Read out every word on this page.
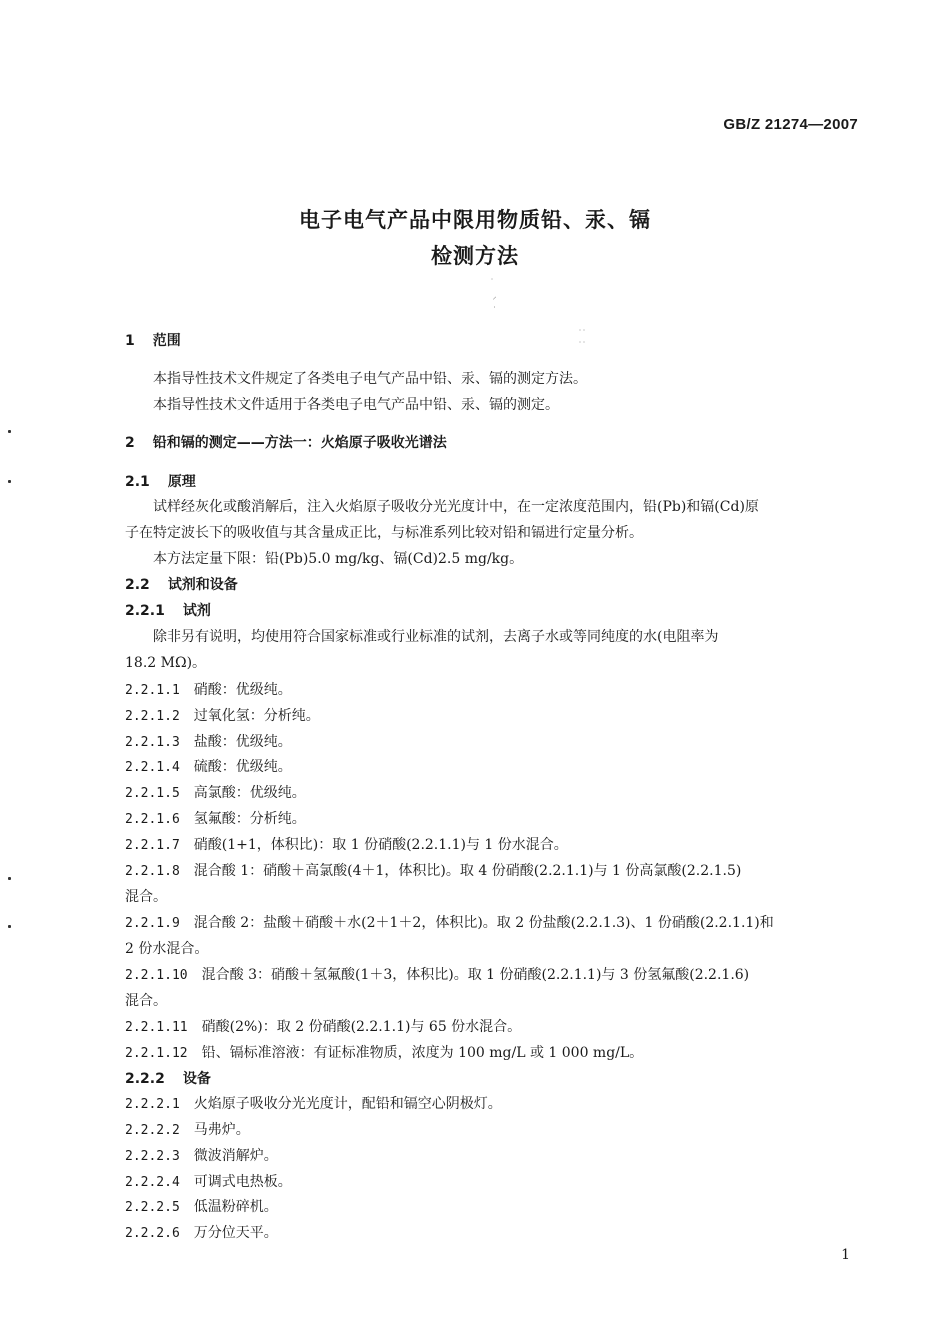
GB/Z 21274—2007
电子电气产品中限用物质铅、汞、镉
检测方法
˙
⸝
˙
˙˙
˙˙
1 范围
本指导性技术文件规定了各类电子电气产品中铅、汞、镉的测定方法。
本指导性技术文件适用于各类电子电气产品中铅、汞、镉的测定。
2 铅和镉的测定——方法一：火焰原子吸收光谱法
2.1 原理
试样经灰化或酸消解后，注入火焰原子吸收分光光度计中，在一定浓度范围内，铅(Pb)和镉(Cd)原
子在特定波长下的吸收值与其含量成正比，与标准系列比较对铅和镉进行定量分析。
本方法定量下限：铅(Pb)5.0 mg/kg、镉(Cd)2.5 mg/kg。
2.2 试剂和设备
2.2.1 试剂
除非另有说明，均使用符合国家标准或行业标准的试剂，去离子水或等同纯度的水(电阻率为
18.2 MΩ)。
2.2.1.1 硝酸：优级纯。
2.2.1.2 过氧化氢：分析纯。
2.2.1.3 盐酸：优级纯。
2.2.1.4 硫酸：优级纯。
2.2.1.5 高氯酸：优级纯。
2.2.1.6 氢氟酸：分析纯。
2.2.1.7 硝酸(1+1，体积比)：取 1 份硝酸(2.2.1.1)与 1 份水混合。
2.2.1.8 混合酸 1：硝酸＋高氯酸(4＋1，体积比)。取 4 份硝酸(2.2.1.1)与 1 份高氯酸(2.2.1.5)
混合。
2.2.1.9 混合酸 2：盐酸＋硝酸＋水(2＋1＋2，体积比)。取 2 份盐酸(2.2.1.3)、1 份硝酸(2.2.1.1)和
2 份水混合。
2.2.1.10 混合酸 3：硝酸＋氢氟酸(1＋3，体积比)。取 1 份硝酸(2.2.1.1)与 3 份氢氟酸(2.2.1.6)
混合。
2.2.1.11 硝酸(2%)：取 2 份硝酸(2.2.1.1)与 65 份水混合。
2.2.1.12 铅、镉标准溶液：有证标准物质，浓度为 100 mg/L 或 1 000 mg/L。
2.2.2 设备
2.2.2.1 火焰原子吸收分光光度计，配铅和镉空心阴极灯。
2.2.2.2 马弗炉。
2.2.2.3 微波消解炉。
2.2.2.4 可调式电热板。
2.2.2.5 低温粉碎机。
2.2.2.6 万分位天平。
1
